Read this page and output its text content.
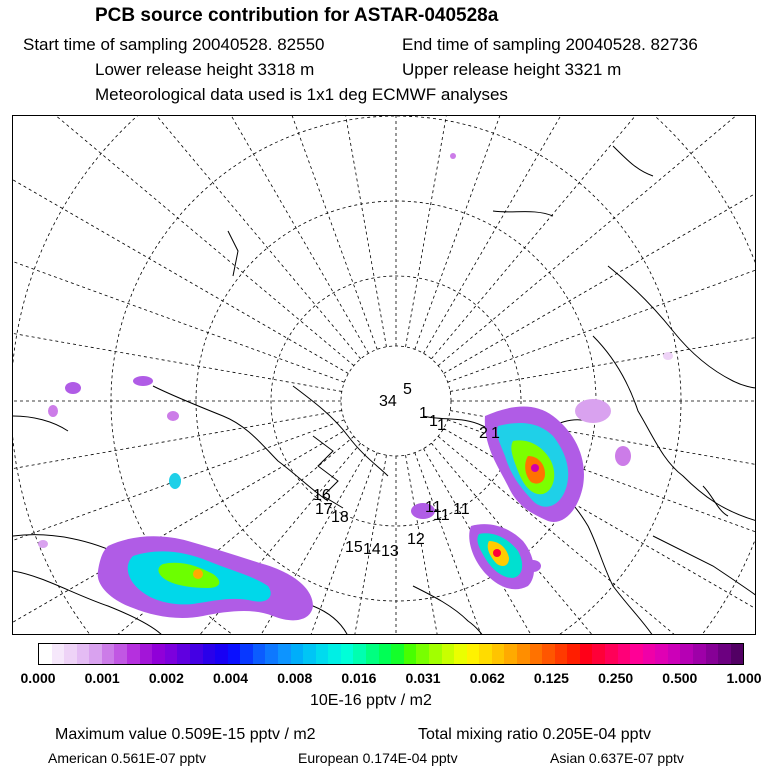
PCB source contribution for ASTAR-040528a
Start time of sampling 20040528. 82550	End time of sampling 20040528. 82736
Lower release height 3318 m	Upper release height 3321 m
Meteorological data used is 1x1 deg ECMWF analyses
34
5
1 1 1 2 1
16
17
18
15 14 13
12
11
11 11
0.000 0.001 0.002 0.004 0.008 0.016 0.031 0.062 0.125 0.250 0.500 1.000
10E-16 pptv / m2
Maximum value 0.509E-15 pptv / m2	Total mixing ratio 0.205E-04 pptv
American 0.561E-07 pptv	European 0.174E-04 pptv	Asian 0.637E-07 pptv
